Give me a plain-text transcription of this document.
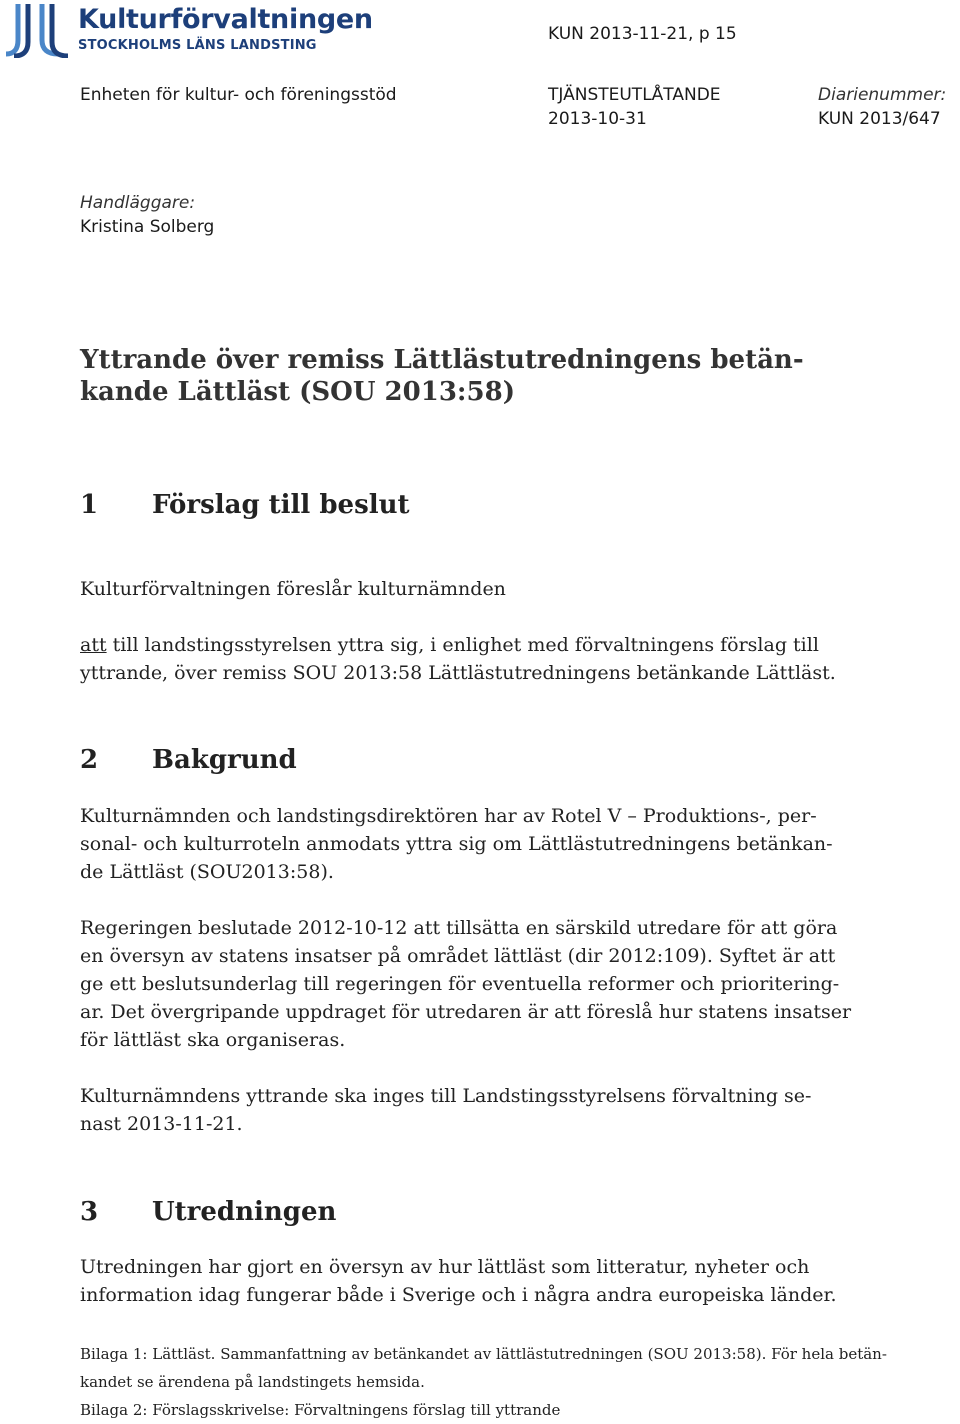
Kulturförvaltningen
STOCKHOLMS LÄNS LANDSTING
KUN 2013-11-21, p 15
Enheten för kultur- och föreningsstöd	TJÄNSTEUTLÅTANDE
2013-10-31
Diarienummer:
KUN 2013/647
Handläggare:
Kristina Solberg
Yttrande över remiss Lättlästutredningens betän-
kande Lättläst (SOU 2013:58)
1 Förslag till beslut
Kulturförvaltningen föreslår kulturnämnden
att till landstingsstyrelsen yttra sig, i enlighet med förvaltningens förslag till
yttrande, över remiss SOU 2013:58 Lättlästutredningens betänkande Lättläst.
2 Bakgrund
Kulturnämnden och landstingsdirektören har av Rotel V – Produktions-, per-
sonal- och kulturroteln anmodats yttra sig om Lättlästutredningens betänkan-
de Lättläst (SOU2013:58).
Regeringen beslutade 2012-10-12 att tillsätta en särskild utredare för att göra
en översyn av statens insatser på området lättläst (dir 2012:109). Syftet är att
ge ett beslutsunderlag till regeringen för eventuella reformer och prioritering-
ar. Det övergripande uppdraget för utredaren är att föreslå hur statens insatser
för lättläst ska organiseras.
Kulturnämndens yttrande ska inges till Landstingsstyrelsens förvaltning se-
nast 2013-11-21.
3 Utredningen
Utredningen har gjort en översyn av hur lättläst som litteratur, nyheter och
information idag fungerar både i Sverige och i några andra europeiska länder.
Bilaga 1: Lättläst. Sammanfattning av betänkandet av lättlästutredningen (SOU 2013:58). För hela betän-
kandet se ärendena på landstingets hemsida.
Bilaga 2: Förslagsskrivelse: Förvaltningens förslag till yttrande
